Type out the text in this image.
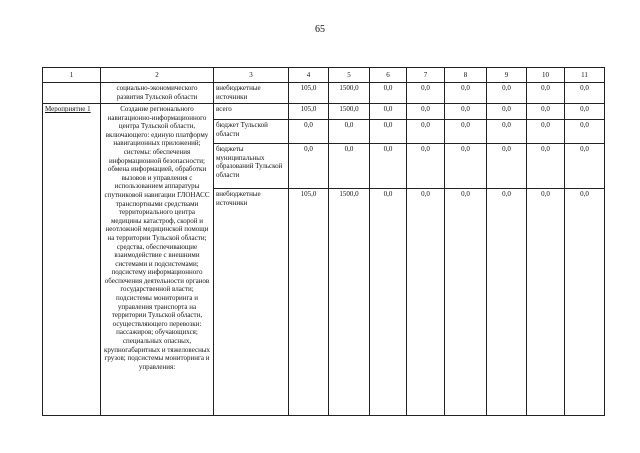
65
1	2	3	4	5	6	7	8	9	10	11
	социально-экономического развития Тульской области	внебюджетные источники	105,0	1500,0	0,0	0,0	0,0	0,0	0,0	0,0
Мероприятие 1	Создание регионального навигационно-информационного центра Тульской области, включающего: единую платформу навигационных приложений; системы: обеспечения информационной безопасности; обмена информацией, обработки вызовов и управления с использованием аппаратуры спутниковой навигации ГЛОНАСС транспортными средствами территориального центра медицины катастроф, скорой и неотложной медицинской помощи на территории Тульской области; средства, обеспечивающие взаимодействие с внешними системами и подсистемами; подсистему информационного обеспечения деятельности органов государственной власти; подсистемы мониторинга и управления транспорта на территории Тульской области, осуществляющего перевозки: пассажиров; обучающихся; специальных опасных, крупногабаритных и тяжеловесных грузов; подсистемы мониторинга и управления:	всего	105,0	1500,0	0,0	0,0	0,0	0,0	0,0	0,0
		бюджет Тульской области	0,0	0,0	0,0	0,0	0,0	0,0	0,0	0,0
		бюджеты муниципальных образований Тульской области	0,0	0,0	0,0	0,0	0,0	0,0	0,0	0,0
		внебюджетные источники	105,0	1500,0	0,0	0,0	0,0	0,0	0,0	0,0
